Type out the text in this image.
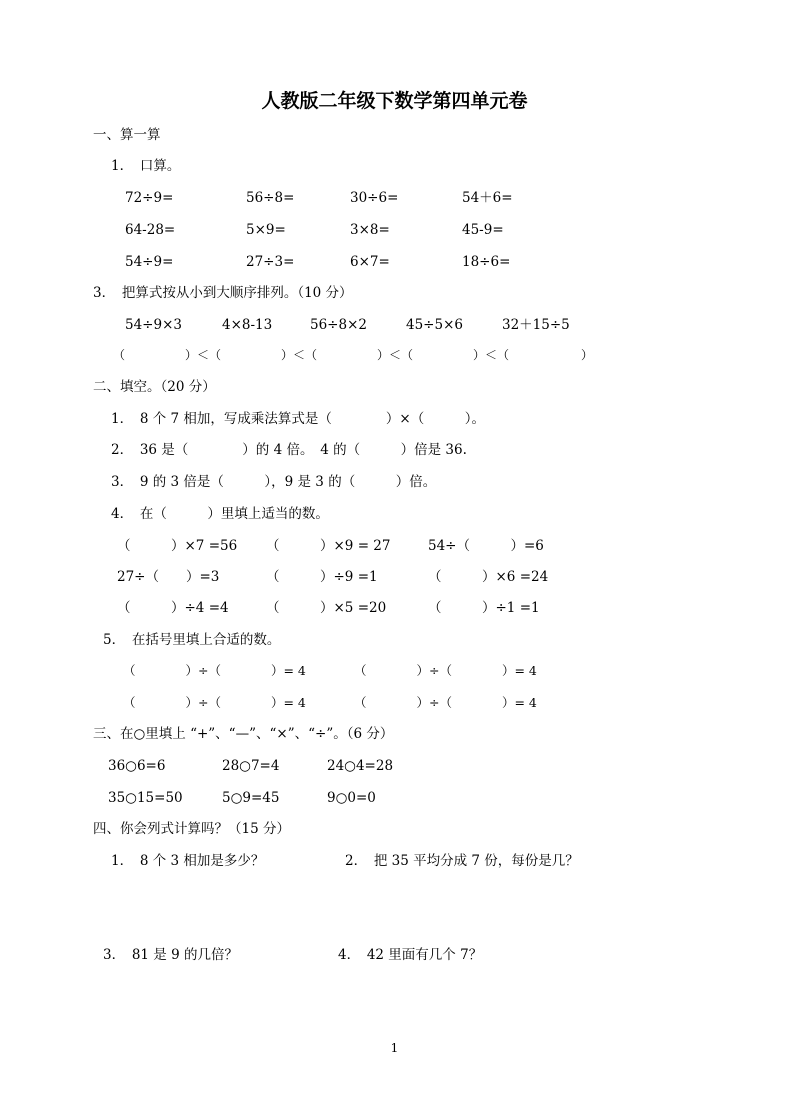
人教版二年级下数学第四单元卷
一、算一算
1．　口算。
72÷9=	56÷8=	30÷6=	54＋6=
64-28=	5×9=	3×8=	45-9=
54÷9=	27÷3=	6×7=	18÷6=
3．　把算式按从小到大顺序排列。（10 分）
54÷9×3	4×8-13	56÷8×2	45÷5×6	32＋15÷5
（　　　　　）＜（　　　　　）＜（　　　　　）＜（　　　　　）＜（　　　　　　）
二、填空。（20 分）
1．　8 个 7 相加，写成乘法算式是（　　　　）×（　　　）。
2．　36 是（　　　　）的 4 倍。　4 的（　　　）倍是 36.
3．　9 的 3 倍是（　　　），9 是 3 的（　　　）倍。
4．　在（　　　）里填上适当的数。
（　　　）×7 =56 （　　　）×9 = 27	54÷（　　　）=6
27÷（　　）=3	（　　　）÷9 =1	（　　　）×6 =24
（　　　）÷4 =4	（　　　）×5 =20	（　　　）÷1 =1
5．　在括号里填上合适的数。
（　　　　）÷（　　　　）= 4	（　　　　）÷（　　　　）= 4
（　　　　）÷（　　　　）= 4	（　　　　）÷（　　　　）= 4
三、在○里填上 “+”、“—”、“×”、“÷”。（6 分）
36○6=6	28○7=4	24○4=28
35○15=50	5○9=45	9○0=0
四、你会列式计算吗？（15 分）
1．　8 个 3 相加是多少？	2．　把 35 平均分成 7 份，每份是几？
3．　81 是 9 的几倍？	4．　42 里面有几个 7？
1
